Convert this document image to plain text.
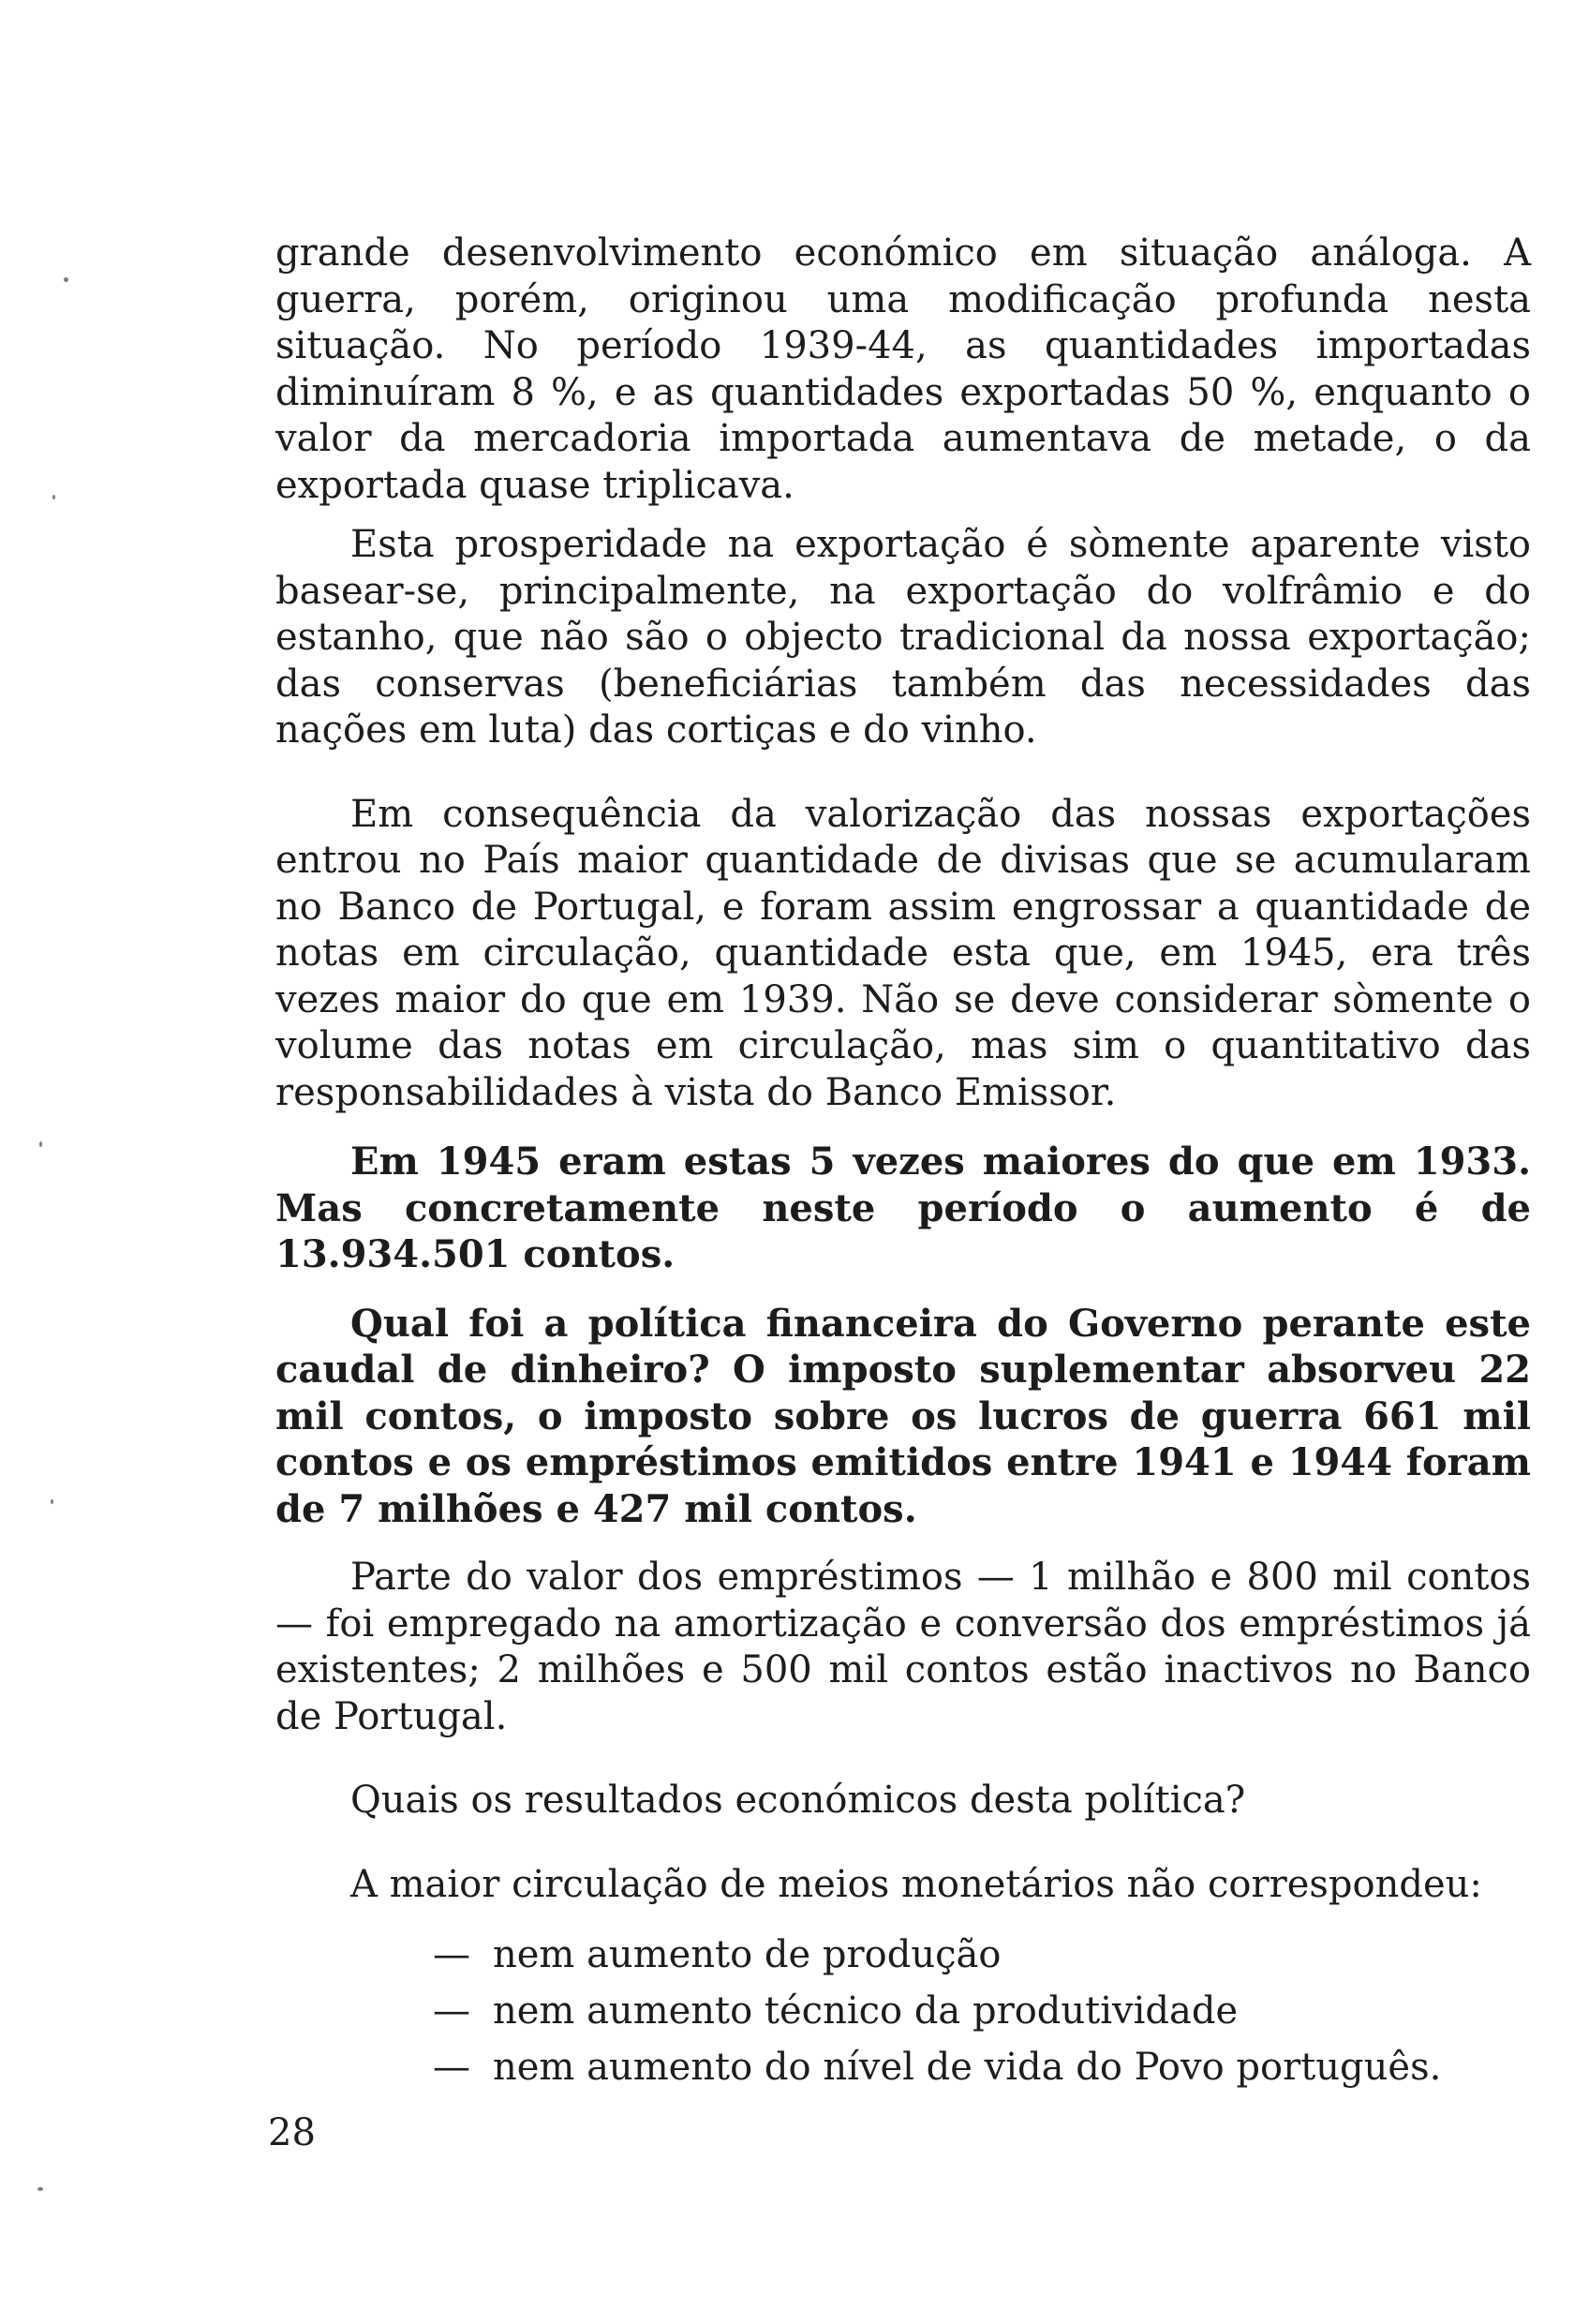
grande desenvolvimento económico em situação análoga. A guerra, porém, originou uma modificação profunda nesta situação. No período 1939-44, as quantidades importadas diminuíram 8 %, e as quantidades exportadas 50 %, enquanto o valor da mercadoria importada aumentava de metade, o da exportada quase triplicava.

Esta prosperidade na exportação é sòmente aparente visto basear-se, principalmente, na exportação do volfrâmio e do estanho, que não são o objecto tradicional da nossa exportação; das conservas (beneficiárias também das necessidades das nações em luta) das cortiças e do vinho.

Em consequência da valorização das nossas exportações entrou no País maior quantidade de divisas que se acumularam no Banco de Portugal, e foram assim engrossar a quantidade de notas em circulação, quantidade esta que, em 1945, era três vezes maior do que em 1939. Não se deve considerar sòmente o volume das notas em circulação, mas sim o quantitativo das responsabilidades à vista do Banco Emissor.

Em 1945 eram estas 5 vezes maiores do que em 1933. Mas concretamente neste período o aumento é de 13.934.501 contos.

Qual foi a política financeira do Governo perante este caudal de dinheiro? O imposto suplementar absorveu 22 mil contos, o imposto sobre os lucros de guerra 661 mil contos e os empréstimos emitidos entre 1941 e 1944 foram de 7 milhões e 427 mil contos.

Parte do valor dos empréstimos — 1 milhão e 800 mil contos — foi empregado na amortização e conversão dos empréstimos já existentes; 2 milhões e 500 mil contos estão inactivos no Banco de Portugal.

Quais os resultados económicos desta política?

A maior circulação de meios monetários não correspondeu:

— nem aumento de produção
— nem aumento técnico da produtividade
— nem aumento do nível de vida do Povo português.
28
